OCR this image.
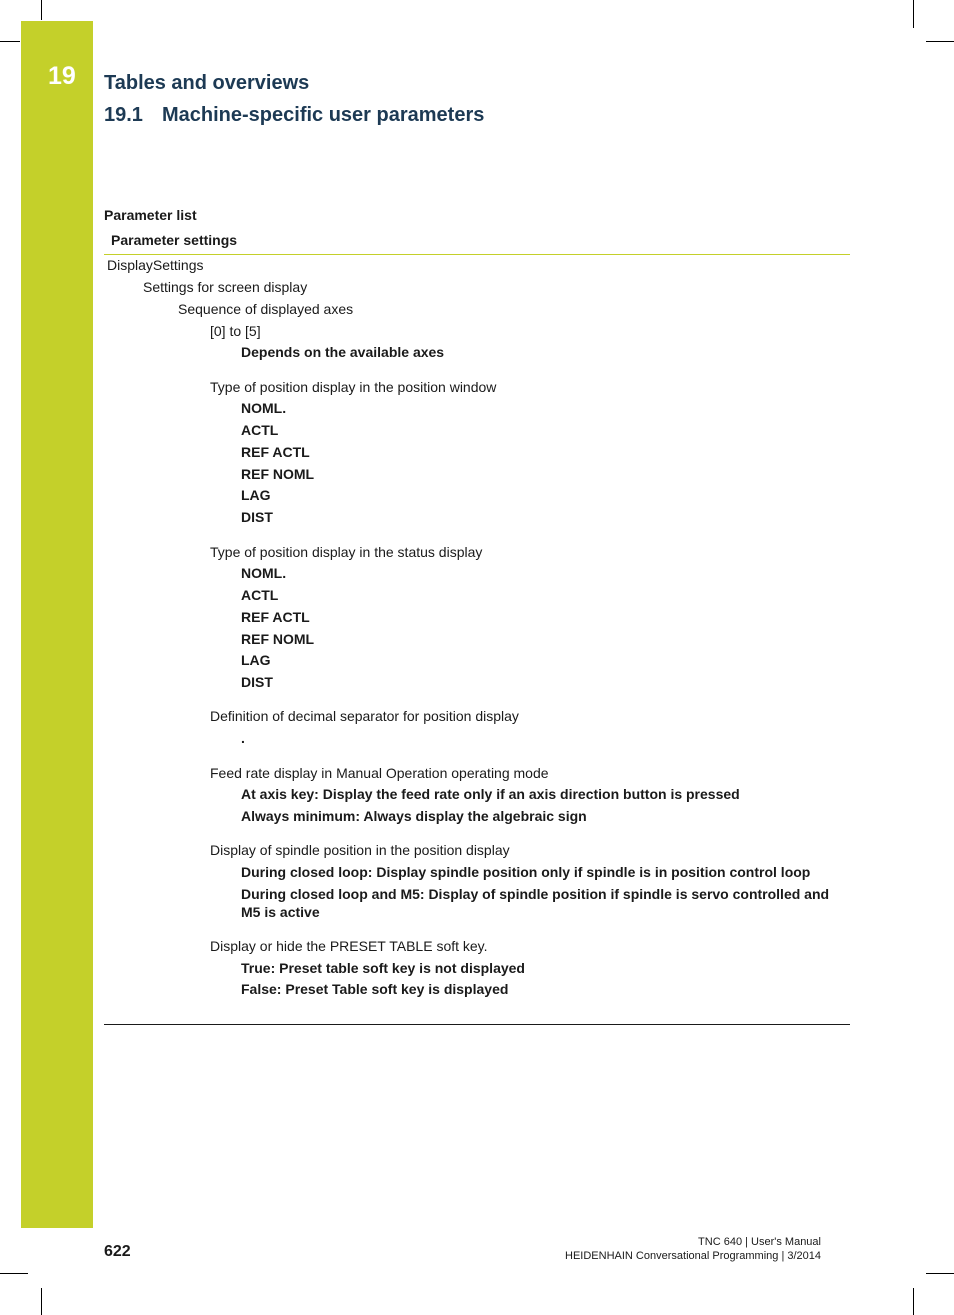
19	Tables and overviews
19.1 Machine-specific user parameters
Parameter list
Parameter settings
DisplaySettings
Settings for screen display
Sequence of displayed axes
[0] to [5]
Depends on the available axes
Type of position display in the position window
NOML.
ACTL
REF ACTL
REF NOML
LAG
DIST
Type of position display in the status display
NOML.
ACTL
REF ACTL
REF NOML
LAG
DIST
Definition of decimal separator for position display
.
Feed rate display in Manual Operation operating mode
At axis key: Display the feed rate only if an axis direction button is pressed
Always minimum: Always display the algebraic sign
Display of spindle position in the position display
During closed loop: Display spindle position only if spindle is in position control loop
During closed loop and M5: Display of spindle position if spindle is servo controlled and M5 is active
Display or hide the PRESET TABLE soft key.
True: Preset table soft key is not displayed
False: Preset Table soft key is displayed
622
TNC 640 | User's Manual
HEIDENHAIN Conversational Programming | 3/2014
